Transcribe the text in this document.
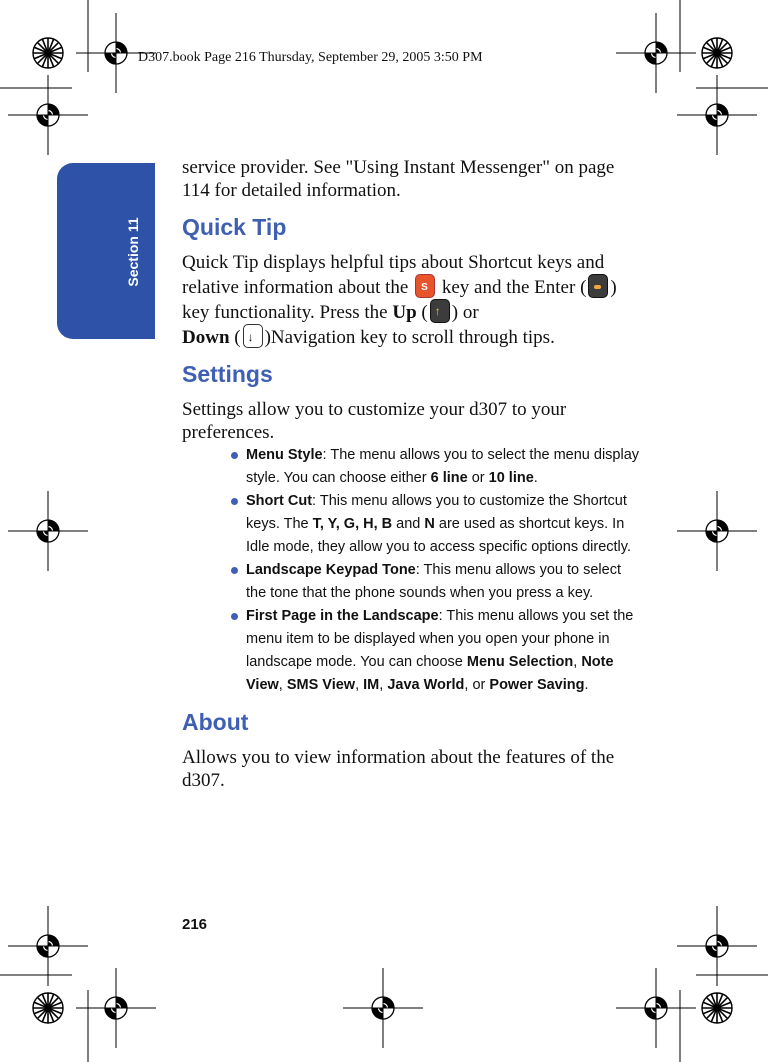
D307.book Page 216 Thursday, September 29, 2005 3:50 PM
Section 11

service provider. See "Using Instant Messenger" on page 114 for detailed information.

Quick Tip

Quick Tip displays helpful tips about Shortcut keys and relative information about the S key and the Enter ( ) key functionality. Press the Up ( ↑ ) or
Down ( ↓ )Navigation key to scroll through tips.

Settings

Settings allow you to customize your d307 to your preferences.

Menu Style: The menu allows you to select the menu display style. You can choose either 6 line or 10 line.
Short Cut: This menu allows you to customize the Shortcut keys. The T, Y, G, H, B and N are used as shortcut keys. In Idle mode, they allow you to access specific options directly.
Landscape Keypad Tone: This menu allows you to select the tone that the phone sounds when you press a key.
First Page in the Landscape: This menu allows you set the menu item to be displayed when you open your phone in landscape mode. You can choose Menu Selection, Note View, SMS View, IM, Java World, or Power Saving.
About

Allows you to view information about the features of the d307.

216
